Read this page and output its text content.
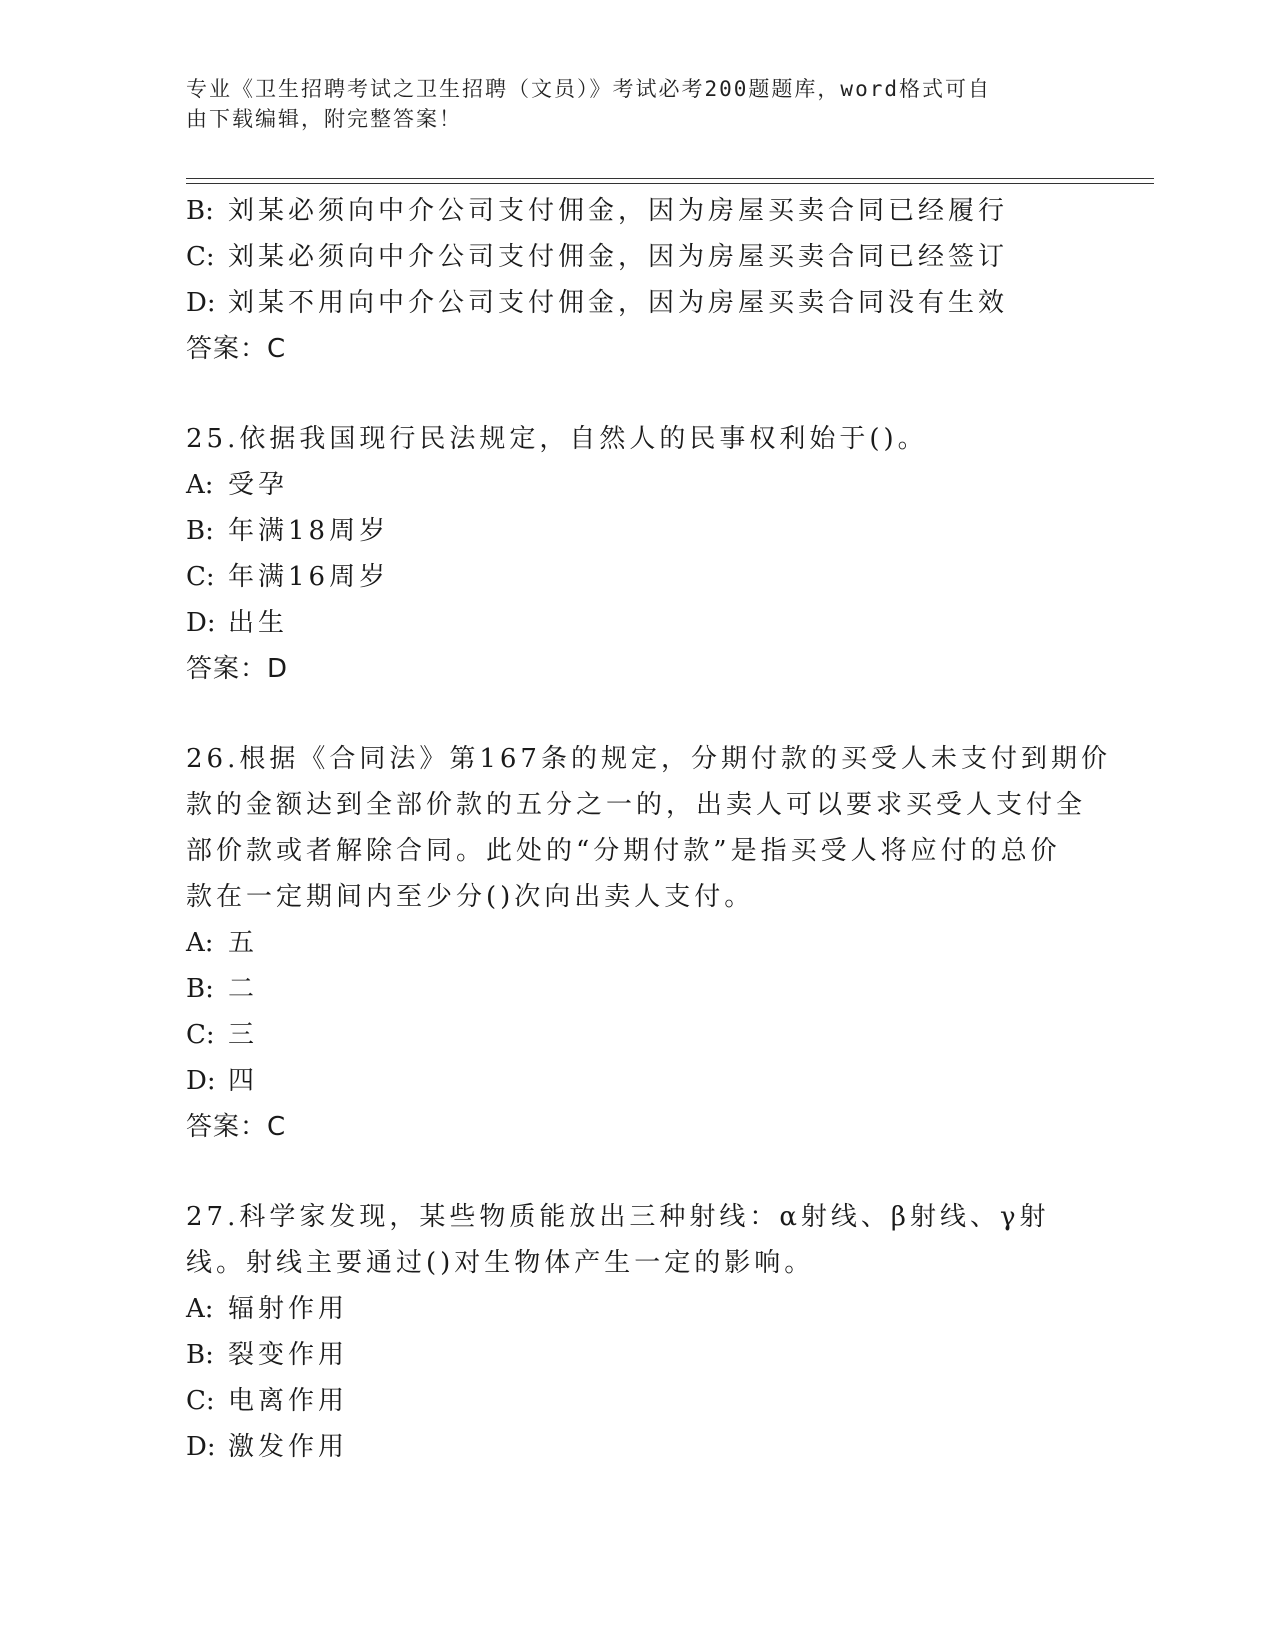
专业《卫生招聘考试之卫生招聘（文员）》考试必考200题题库，word格式可自
由下载编辑，附完整答案！
B: 刘某必须向中介公司支付佣金，因为房屋买卖合同已经履行
C: 刘某必须向中介公司支付佣金，因为房屋买卖合同已经签订
D: 刘某不用向中介公司支付佣金，因为房屋买卖合同没有生效
答案：C
25.依据我国现行民法规定，自然人的民事权利始于()。
A: 受孕
B: 年满18周岁
C: 年满16周岁
D: 出生
答案：D
26.根据《合同法》第167条的规定，分期付款的买受人未支付到期价
款的金额达到全部价款的五分之一的，出卖人可以要求买受人支付全
部价款或者解除合同。此处的“分期付款”是指买受人将应付的总价
款在一定期间内至少分()次向出卖人支付。
A: 五
B: 二
C: 三
D: 四
答案：C
27.科学家发现，某些物质能放出三种射线：α射线、β射线、γ射
线。射线主要通过()对生物体产生一定的影响。
A: 辐射作用
B: 裂变作用
C: 电离作用
D: 激发作用
